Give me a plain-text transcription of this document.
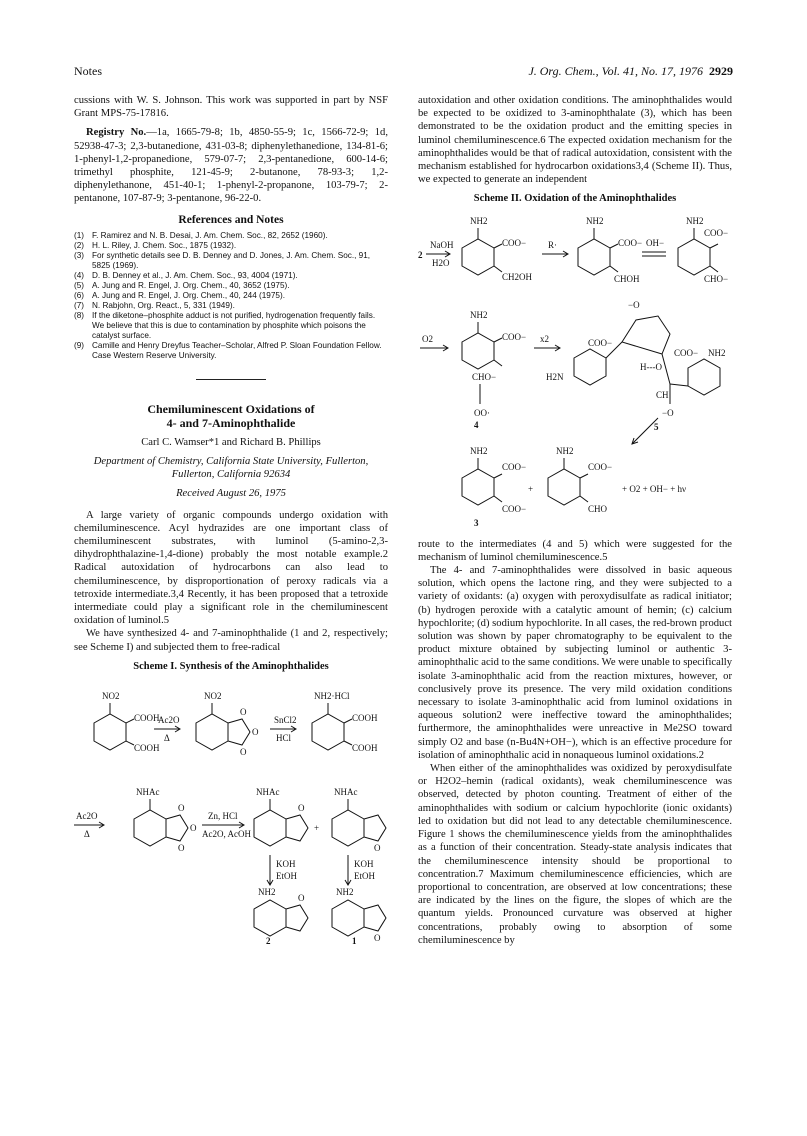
Notes	J. Org. Chem., Vol. 41, No. 17, 1976 2929

cussions with W. S. Johnson. This work was supported in part by NSF Grant MPS-75-17816.

Registry No.—1a, 1665-79-8; 1b, 4850-55-9; 1c, 1566-72-9; 1d, 52938-47-3; 2,3-butanedione, 431-03-8; diphenylethanedione, 134-81-6; 1-phenyl-1,2-propanedione, 579-07-7; 2,3-pentanedione, 600-14-6; trimethyl phosphite, 121-45-9; 2-butanone, 78-93-3; 1,2-diphenylethanone, 451-40-1; 1-phenyl-2-propanone, 103-79-7; 2-pentanone, 107-87-9; 3-pentanone, 96-22-0.

References and Notes
(1) F. Ramirez and N. B. Desai, J. Am. Chem. Soc., 82, 2652 (1960).
(2) H. L. Riley, J. Chem. Soc., 1875 (1932).
(3) For synthetic details see D. B. Denney and D. Jones, J. Am. Chem. Soc., 91, 5825 (1969).
(4) D. B. Denney et al., J. Am. Chem. Soc., 93, 4004 (1971).
(5) A. Jung and R. Engel, J. Org. Chem., 40, 3652 (1975).
(6) A. Jung and R. Engel, J. Org. Chem., 40, 244 (1975).
(7) N. Rabjohn, Org. React., 5, 331 (1949).
(8) If the diketone–phosphite adduct is not purified, hydrogenation frequently fails. We believe that this is due to contamination by phosphite which poisons the catalyst surface.
(9) Camille and Henry Dreyfus Teacher–Scholar, Alfred P. Sloan Foundation Fellow. Case Western Reserve University.
Chemiluminescent Oxidations of
4- and 7-Aminophthalide
Carl C. Wamser*1 and Richard B. Phillips
Department of Chemistry, California State University, Fullerton, Fullerton, California 92634
Received August 26, 1975

A large variety of organic compounds undergo oxidation with chemiluminescence. Acyl hydrazides are one important class of chemiluminescent substrates, with luminol (5-amino-2,3-dihydrophthalazine-1,4-dione) probably the most notable example.2 Radical autoxidation of hydrocarbons can also lead to chemiluminescence, by disproportionation of peroxy radicals via a tetroxide intermediate.3,4 Recently, it has been proposed that a tetroxide intermediate could play a significant role in the chemiluminescent oxidation of luminol.5

We have synthesized 4- and 7-aminophthalide (1 and 2, respectively; see Scheme I) and subjected them to free-radical

Scheme I. Synthesis of the Aminophthalides
NO2
COOH
COOH
Ac2O
Δ
NO2
O
O
O
SnCl2
HCl
NH2·HCl
COOH
COOH
Ac2O
Δ
NHAc
O
O
O
Zn, HCl
Ac2O, AcOH
NHAc
O
+
NHAc
O
KOH
EtOH
KOH
EtOH
NH2
O
NH2
O
2	1

autoxidation and other oxidation conditions. The aminophthalides would be expected to be oxidized to 3-aminophthalate (3), which has been demonstrated to be the oxidation product and the emitting species in luminol chemiluminescence.6 The expected oxidation mechanism for the aminophthalides would be that of radical autoxidation, consistent with the mechanism established for hydrocarbon oxidations3,4 (Scheme II). Thus, we expected to generate an independent

Scheme II. Oxidation of the Aminophthalides
NH2
COO−
CH2OH
2
NaOH
H2O
R·
NH2
COO−
CHOH
OH−
NH2
COO−
CHO−
NH2
COO−
CHO−
OO·
O2	x2
−O
COO−
H2N
H---O
COO− NH2
CH
−O
4	5
NH2
COO−
COO−
3
+
NH2
COO−
CHO
+ O2 + OH− + hν

route to the intermediates (4 and 5) which were suggested for the mechanism of luminol chemiluminescence.5

The 4- and 7-aminophthalides were dissolved in basic aqueous solution, which opens the lactone ring, and they were subjected to a variety of oxidants: (a) oxygen with peroxydisulfate as radical initiator; (b) hydrogen peroxide with a catalytic amount of hemin; (c) calcium hypochlorite; (d) sodium hypochlorite. In all cases, the red-brown product solution was shown by paper chromatography to be equivalent to the product mixture obtained by subjecting luminol or authentic 3-aminophthalic acid to the same conditions. We were unable to specifically isolate 3-aminophthalic acid from the reaction mixtures, however, or conclusively prove its presence. The very mild oxidation conditions necessary to isolate 3-aminophthalic acid from luminol oxidations in aqueous solution2 were ineffective toward the aminophthalides; furthermore, the aminophthalides were unreactive in Me2SO toward simply O2 and base (n-Bu4N+OH−), which is an effective procedure for isolation of aminophthalic acid in nonaqueous luminol oxidations.2

When either of the aminophthalides was oxidized by peroxydisulfate or H2O2–hemin (radical oxidants), weak chemiluminescence was observed, detected by photon counting. Treatment of either of the aminophthalides with sodium or calcium hypochlorite (ionic oxidants) led to oxidation but did not lead to any detectable chemiluminescence. Figure 1 shows the chemiluminescence yields from the aminophthalides as a function of their concentration. Steady-state analysis indicates that the chemiluminescence intensity should be proportional to concentration.7 Maximum chemiluminescence efficiencies, which are proportional to concentration, are observed at low concentrations; these are indicated by the lines on the figure, the slopes of which are the quantum yields. Pronounced curvature was observed at higher concentrations, probably owing to absorption of some chemiluminescence by
